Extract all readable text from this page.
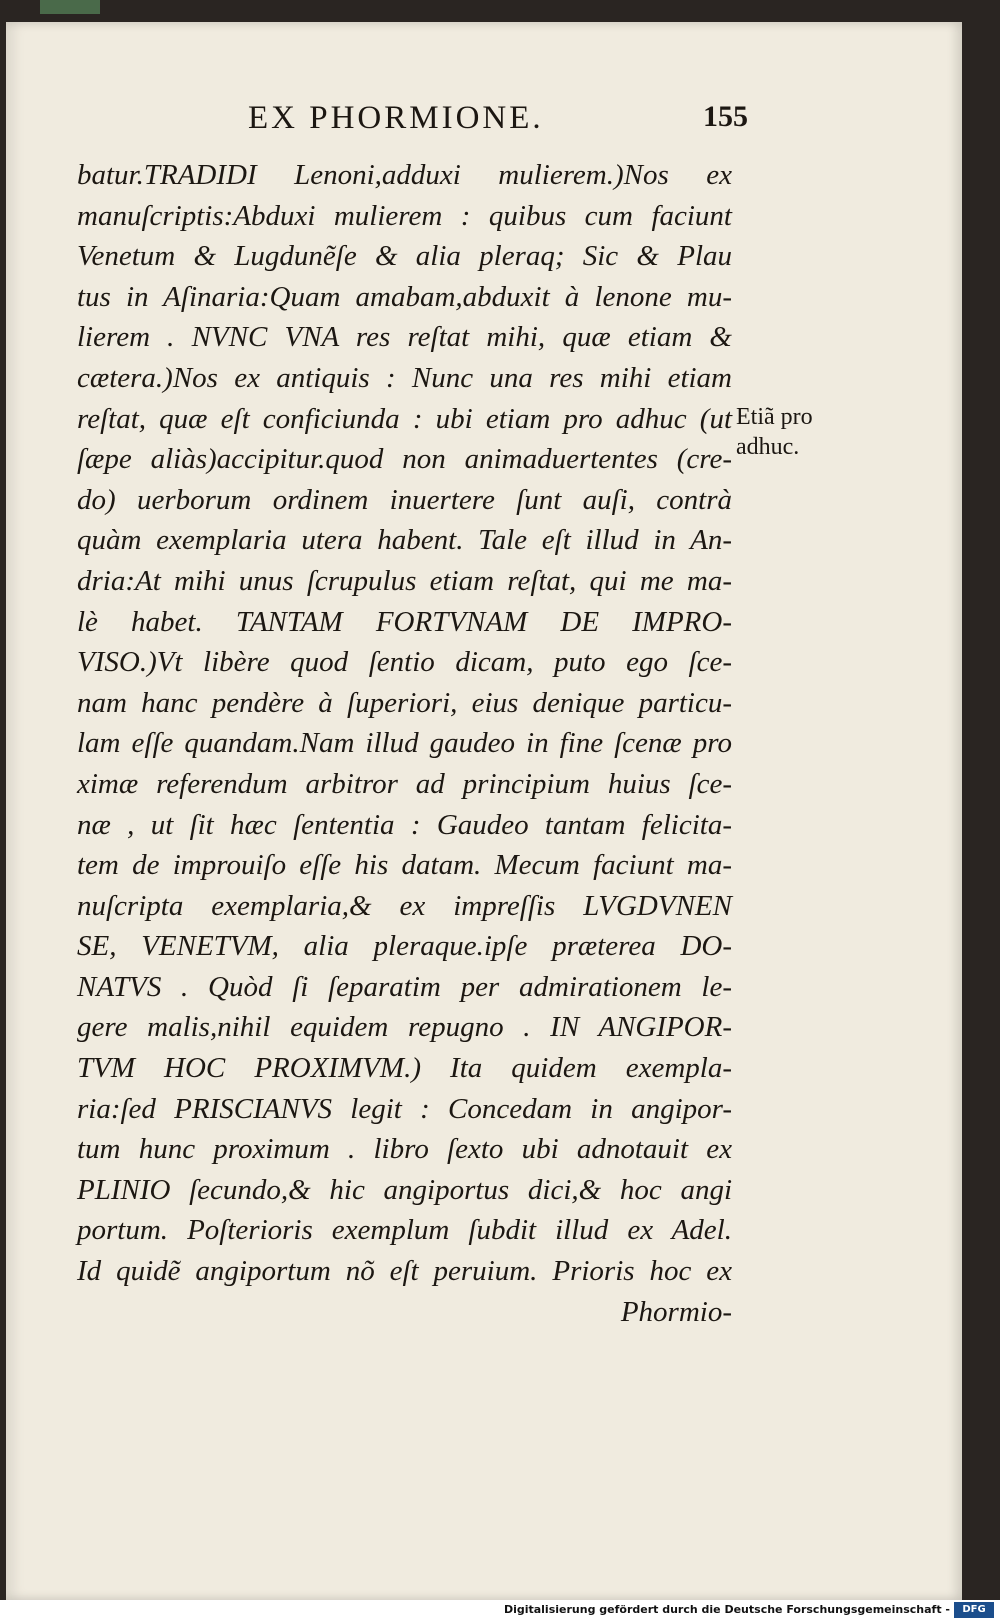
EX PHORMIONE.	155
batur.TRADIDI Lenoni,adduxi mulierem.)Nos ex
manuſcriptis:Abduxi mulierem : quibus cum faciunt
Venetum & Lugdunẽſe & alia pleraq; Sic & Plau
tus in Aſinaria:Quam amabam,abduxit à lenone mu-
lierem . NVNC VNA res reſtat mihi, quæ etiam &
cætera.)Nos ex antiquis : Nunc una res mihi etiam
reſtat, quæ eſt conficiunda : ubi etiam pro adhuc (ut
ſæpe aliàs)accipitur.quod non animaduertentes (cre-
do) uerborum ordinem inuertere ſunt auſi, contrà
quàm exemplaria utera habent. Tale eſt illud in An-
dria:At mihi unus ſcrupulus etiam reſtat, qui me ma-
lè habet. TANTAM FORTVNAM DE IMPRO-
VISO.)Vt libère quod ſentio dicam, puto ego ſce-
nam hanc pendère à ſuperiori, eius denique particu-
lam eſſe quandam.Nam illud gaudeo in fine ſcenæ pro
ximæ referendum arbitror ad principium huius ſce-
næ , ut ſit hæc ſententia : Gaudeo tantam felicita-
tem de improuiſo eſſe his datam. Mecum faciunt ma-
nuſcripta exemplaria,& ex impreſſis LVGDVNEN
SE, VENETVM, alia pleraque.ipſe præterea DO-
NATVS . Quòd ſi ſeparatim per admirationem le-
gere malis,nihil equidem repugno . IN ANGIPOR-
TVM HOC PROXIMVM.) Ita quidem exempla-
ria:ſed PRISCIANVS legit : Concedam in angipor-
tum hunc proximum . libro ſexto ubi adnotauit ex
PLINIO ſecundo,& hic angiportus dici,& hoc angi
portum. Poſterioris exemplum ſubdit illud ex Adel.
Id quidẽ angiportum nõ eſt peruium. Prioris hoc ex
Phormio-
Etiã pro
adhuc.
Digitalisierung gefördert durch die Deutsche Forschungsgemeinschaft -	DFG
